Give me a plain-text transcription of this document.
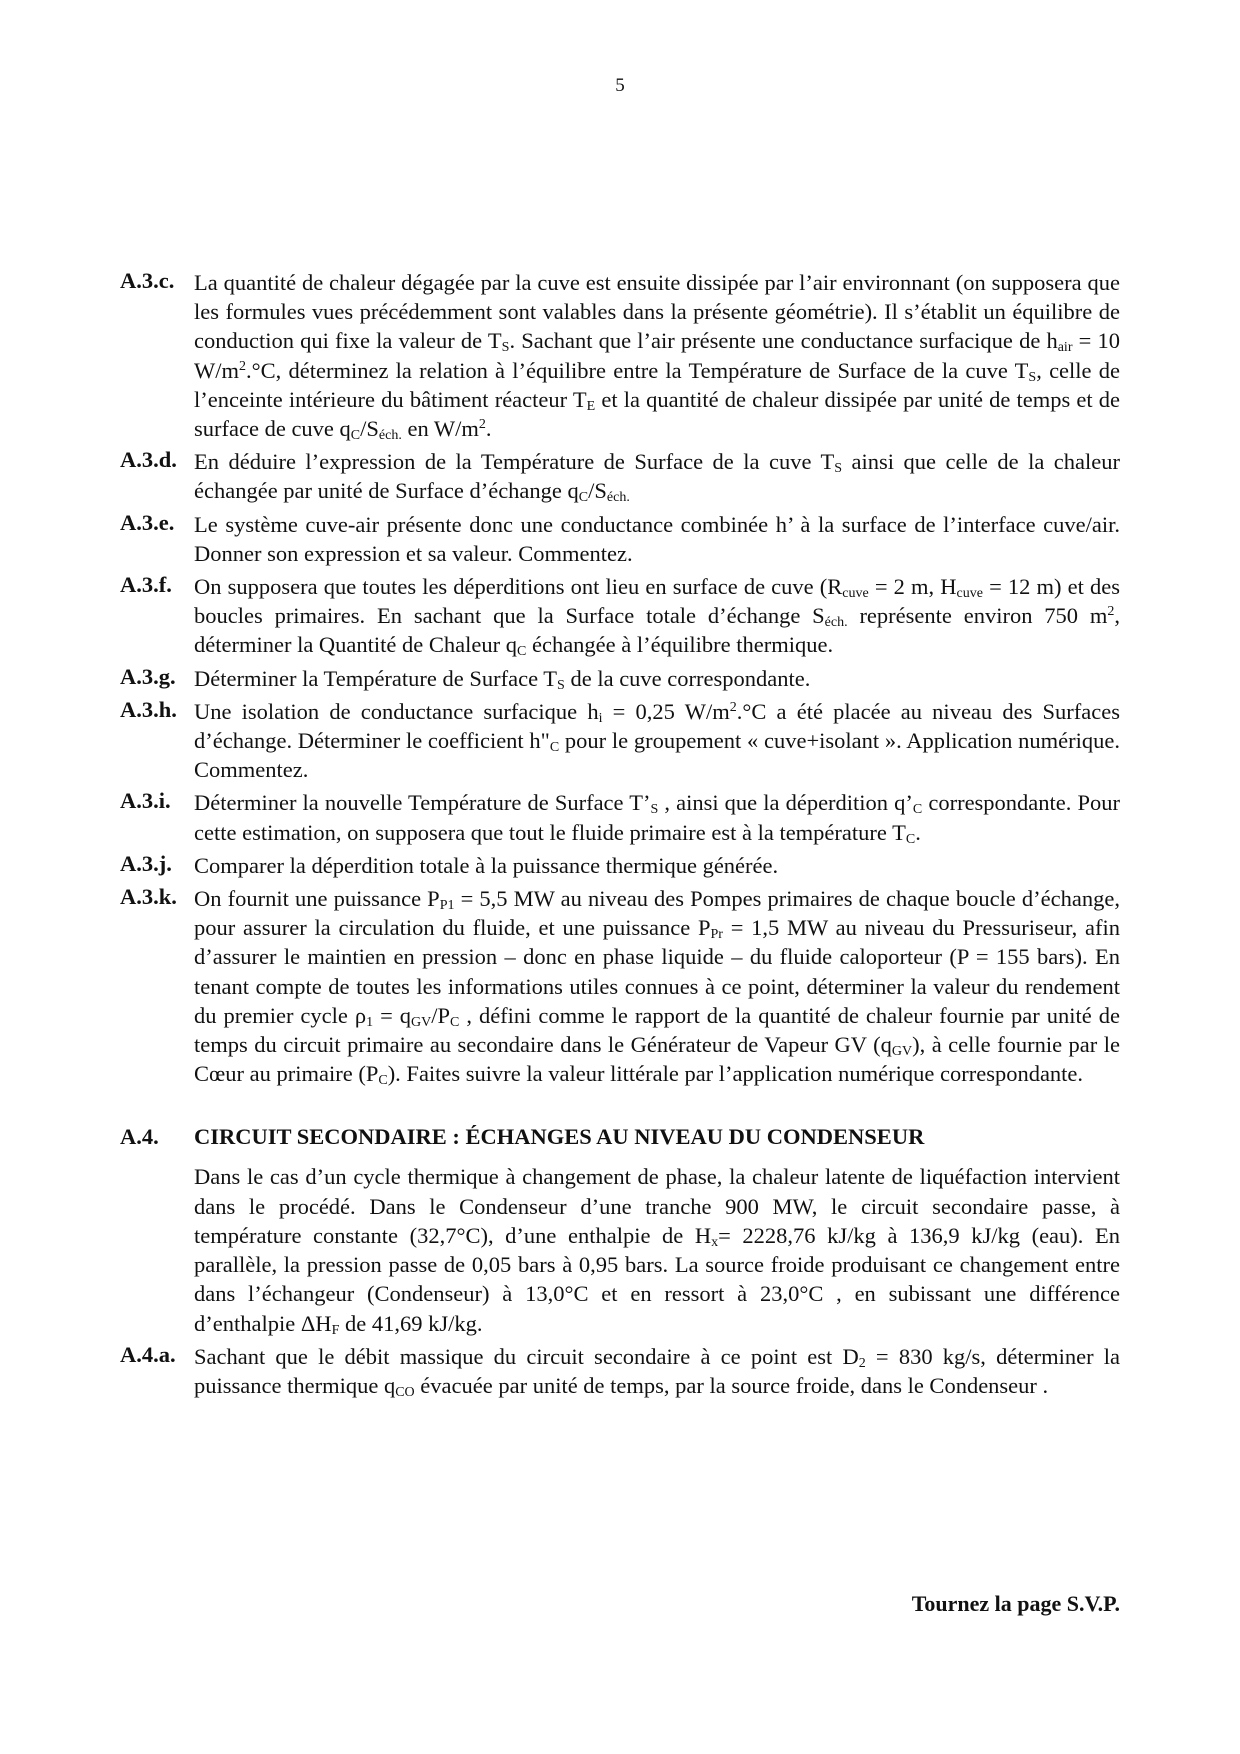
5
A.3.c. La quantité de chaleur dégagée par la cuve est ensuite dissipée par l’air environnant (on supposera que les formules vues précédemment sont valables dans la présente géométrie). Il s’établit un équilibre de conduction qui fixe la valeur de $T_S$. Sachant que l’air présente une conductance surfacique de $h_{air} = 10$ $W/m^2.^\circ C$, déterminez la relation à l’équilibre entre la Température de Surface de la cuve $T_S$, celle de l’enceinte intérieure du bâtiment réacteur $T_E$ et la quantité de chaleur dissipée par unité de temps et de surface de cuve $q_C/S_{éch.}$ en $W/m^2$.
A.3.d. En déduire l’expression de la Température de Surface de la cuve $T_S$ ainsi que celle de la chaleur échangée par unité de Surface d’échange $q_C/S_{éch.}$
A.3.e. Le système cuve-air présente donc une conductance combinée h’ à la surface de l’interface cuve/air. Donner son expression et sa valeur. Commentez.
A.3.f. On supposera que toutes les déperditions ont lieu en surface de cuve ($R_{cuve} = 2$ m, $H_{cuve} = 12$ m) et des boucles primaires. En sachant que la Surface totale d’échange $S_{éch.}$ représente environ 750 $m^2$, déterminer la Quantité de Chaleur $q_C$ échangée à l’équilibre thermique.
A.3.g. Déterminer la Température de Surface $T_S$ de la cuve correspondante.
A.3.h. Une isolation de conductance surfacique $h_i = 0,25$ $W/m^2.^\circ C$ a été placée au niveau des Surfaces d’échange. Déterminer le coefficient $h"_C$ pour le groupement « cuve+isolant ». Application numérique. Commentez.
A.3.i.	Déterminer la nouvelle Température de Surface $T’_S$ , ainsi que la déperdition $q’_C$ correspondante. Pour cette estimation, on supposera que tout le fluide primaire est à la température $T_C$.
A.3.j. Comparer la déperdition totale à la puissance thermique générée.
A.3.k. On fournit une puissance $P_{P1} = 5,5$ MW au niveau des Pompes primaires de chaque boucle d’échange, pour assurer la circulation du fluide, et une puissance $P_{Pr} = 1,5$ MW au niveau du Pressuriseur, afin d’assurer le maintien en pression – donc en phase liquide – du fluide caloporteur (P = 155 bars). En tenant compte de toutes les informations utiles connues à ce point, déterminer la valeur du rendement du premier cycle $\rho_1 = q_{GV}/P_C$ , défini comme le rapport de la quantité de chaleur fournie par unité de temps du circuit primaire au secondaire dans le Générateur de Vapeur GV $(q_{GV})$, à celle fournie par le Cœur au primaire $(P_C)$. Faites suivre la valeur littérale par l’application numérique correspondante.
A.4.	CIRCUIT SECONDAIRE : ÉCHANGES AU NIVEAU DU CONDENSEUR
Dans le cas d’un cycle thermique à changement de phase, la chaleur latente de liquéfaction intervient dans le procédé. Dans le Condenseur d’une tranche 900 MW, le circuit secondaire passe, à température constante (32,7°C), d’une enthalpie de $H_x= 2228,76$ kJ/kg à 136,9 kJ/kg (eau). En parallèle, la pression passe de 0,05 bars à 0,95 bars. La source froide produisant ce changement entre dans l’échangeur (Condenseur) à 13,0°C et en ressort à 23,0°C , en subissant une différence d’enthalpie $\Delta H_F$ de 41,69 kJ/kg.
A.4.a. Sachant que le débit massique du circuit secondaire à ce point est $D_2 = 830$ kg/s, déterminer la puissance thermique $q_{CO}$ évacuée par unité de temps, par la source froide, dans le Condenseur .
Tournez la page S.V.P.
